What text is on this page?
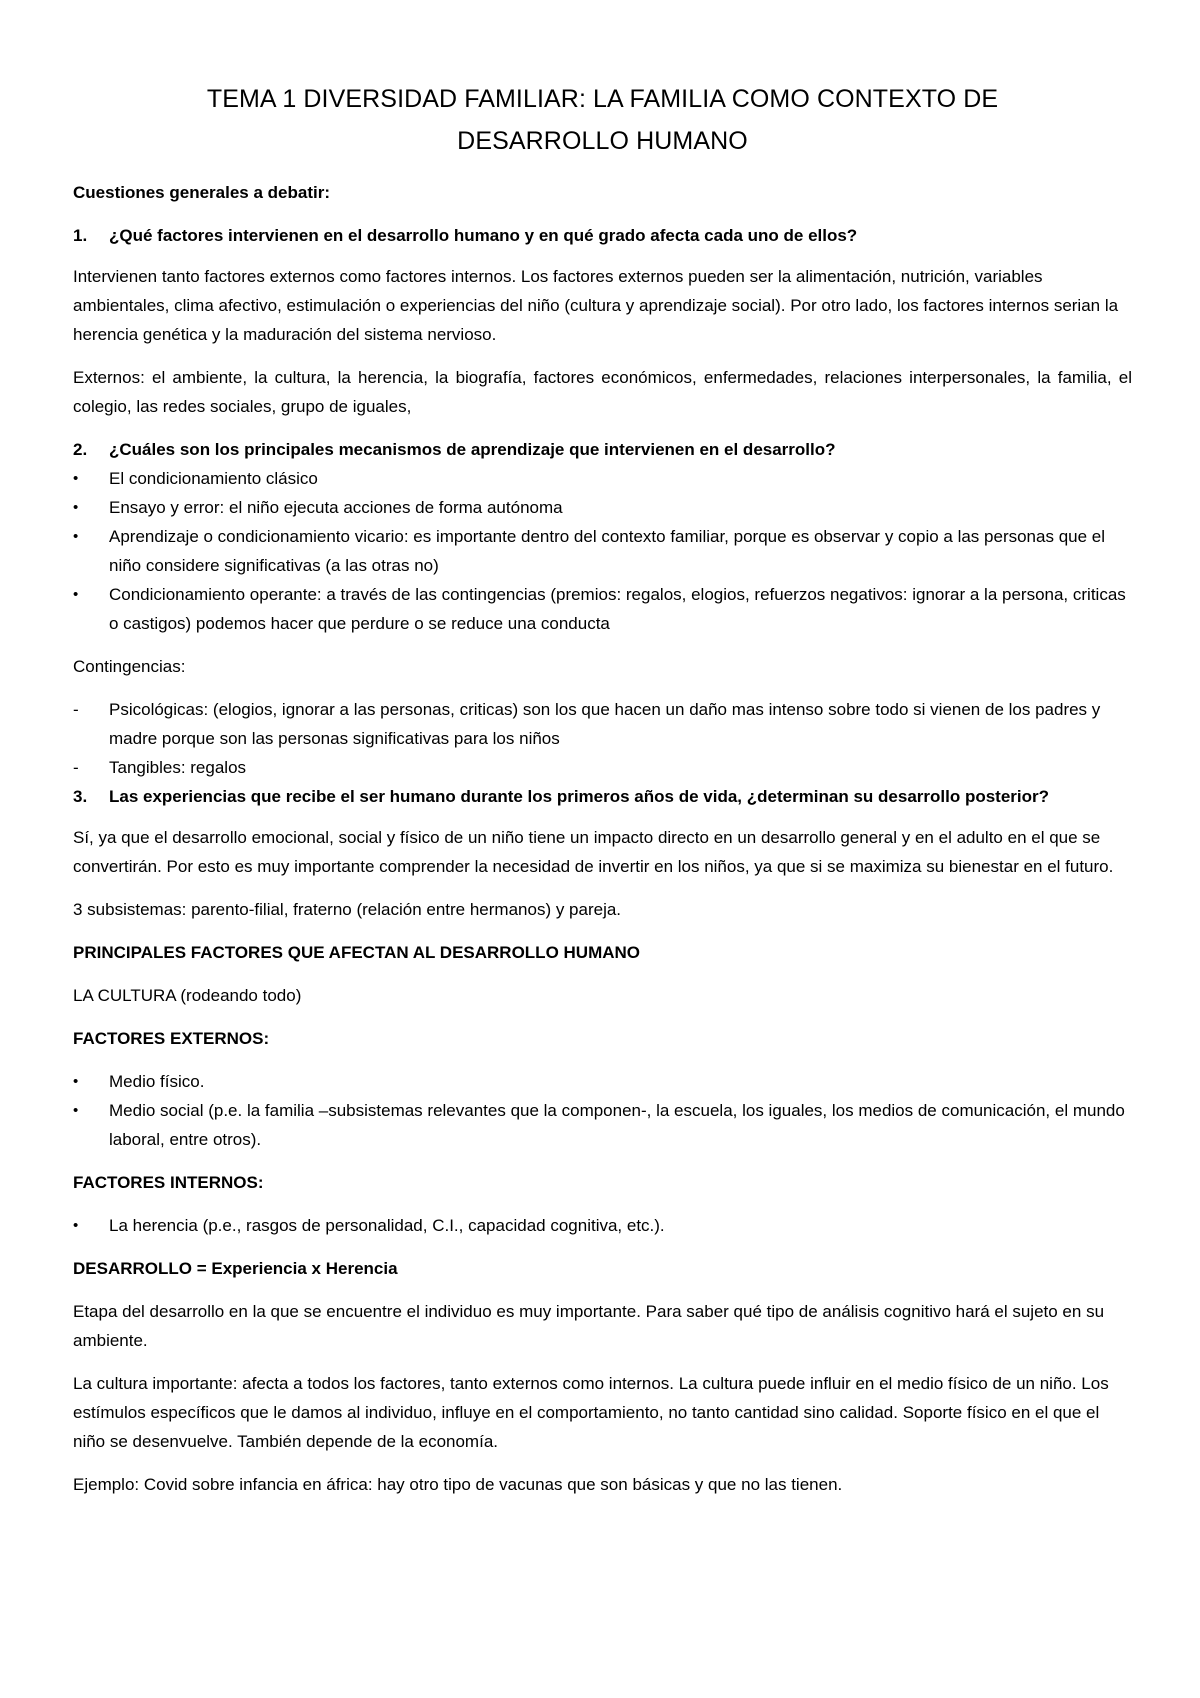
TEMA 1 DIVERSIDAD FAMILIAR: LA FAMILIA COMO CONTEXTO DE
DESARROLLO HUMANO

Cuestiones generales a debatir:

1.	¿Qué factores intervienen en el desarrollo humano y en qué grado afecta cada uno de ellos?

Intervienen tanto factores externos como factores internos. Los factores externos pueden ser la alimentación, nutrición, variables ambientales, clima afectivo, estimulación o experiencias del niño (cultura y aprendizaje social). Por otro lado, los factores internos serian la herencia genética y la maduración del sistema nervioso.

Externos: el ambiente, la cultura, la herencia, la biografía, factores económicos, enfermedades, relaciones interpersonales, la familia, el colegio, las redes sociales, grupo de iguales,

2.	¿Cuáles son los principales mecanismos de aprendizaje que intervienen en el desarrollo?
•	El condicionamiento clásico
•	Ensayo y error: el niño ejecuta acciones de forma autónoma
•	Aprendizaje o condicionamiento vicario: es importante dentro del contexto familiar, porque es observar y copio a las personas que el niño considere significativas (a las otras no)
•	Condicionamiento operante: a través de las contingencias (premios: regalos, elogios, refuerzos negativos: ignorar a la persona, criticas o castigos) podemos hacer que perdure o se reduce una conducta

Contingencias:

-	Psicológicas: (elogios, ignorar a las personas, criticas) son los que hacen un daño mas intenso sobre todo si vienen de los padres y madre porque son las personas significativas para los niños
-	Tangibles: regalos
3.	Las experiencias que recibe el ser humano durante los primeros años de vida, ¿determinan su desarrollo posterior?

Sí, ya que el desarrollo emocional, social y físico de un niño tiene un impacto directo en un desarrollo general y en el adulto en el que se convertirán. Por esto es muy importante comprender la necesidad de invertir en los niños, ya que si se maximiza su bienestar en el futuro.

3 subsistemas: parento-filial, fraterno (relación entre hermanos) y pareja.

PRINCIPALES FACTORES QUE AFECTAN AL DESARROLLO HUMANO

LA CULTURA (rodeando todo)

FACTORES EXTERNOS:

•	Medio físico.
•	Medio social (p.e. la familia –subsistemas relevantes que la componen-, la escuela, los iguales, los medios de comunicación, el mundo laboral, entre otros).

FACTORES INTERNOS:

•	La herencia (p.e., rasgos de personalidad, C.I., capacidad cognitiva, etc.).

DESARROLLO = Experiencia x Herencia

Etapa del desarrollo en la que se encuentre el individuo es muy importante. Para saber qué tipo de análisis cognitivo hará el sujeto en su ambiente.

La cultura importante: afecta a todos los factores, tanto externos como internos. La cultura puede influir en el medio físico de un niño. Los estímulos específicos que le damos al individuo, influye en el comportamiento, no tanto cantidad sino calidad. Soporte físico en el que el niño se desenvuelve. También depende de la economía.

Ejemplo: Covid sobre infancia en áfrica: hay otro tipo de vacunas que son básicas y que no las tienen.
